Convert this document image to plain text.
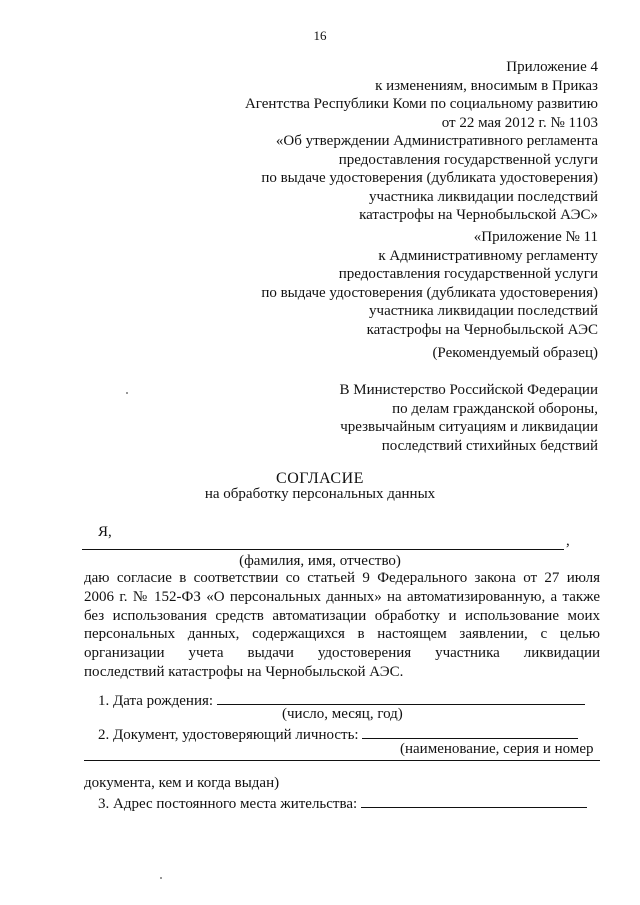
16
Приложение 4
к изменениям, вносимым в Приказ
Агентства Республики Коми по социальному развитию
от 22 мая 2012 г. № 1103
«Об утверждении Административного регламента
предоставления государственной услуги
по выдаче удостоверения (дубликата удостоверения)
участника ликвидации последствий
катастрофы на Чернобыльской АЭС»
«Приложение № 11
к Административному регламенту
предоставления государственной услуги
по выдаче удостоверения (дубликата удостоверения)
участника ликвидации последствий
катастрофы на Чернобыльской АЭС
(Рекомендуемый образец)
В Министерство Российской Федерации
по делам гражданской обороны,
чрезвычайным ситуациям и ликвидации
последствий стихийных бедствий
СОГЛАСИЕ
на обработку персональных данных
Я,
,
(фамилия, имя, отчество)
даю согласие в соответствии со статьей 9 Федерального закона от 27 июля
2006 г. № 152-ФЗ «О персональных данных» на автоматизированную, а также
без использования средств автоматизации обработку и использование моих
персональных данных, содержащихся в настоящем заявлении, с целью
организации учета выдачи удостоверения участника ликвидации
последствий катастрофы на Чернобыльской АЭС.
1. Дата рождения:
(число, месяц, год)
2. Документ, удостоверяющий личность:
(наименование, серия и номер
документа, кем и когда выдан)
3. Адрес постоянного места жительства:
